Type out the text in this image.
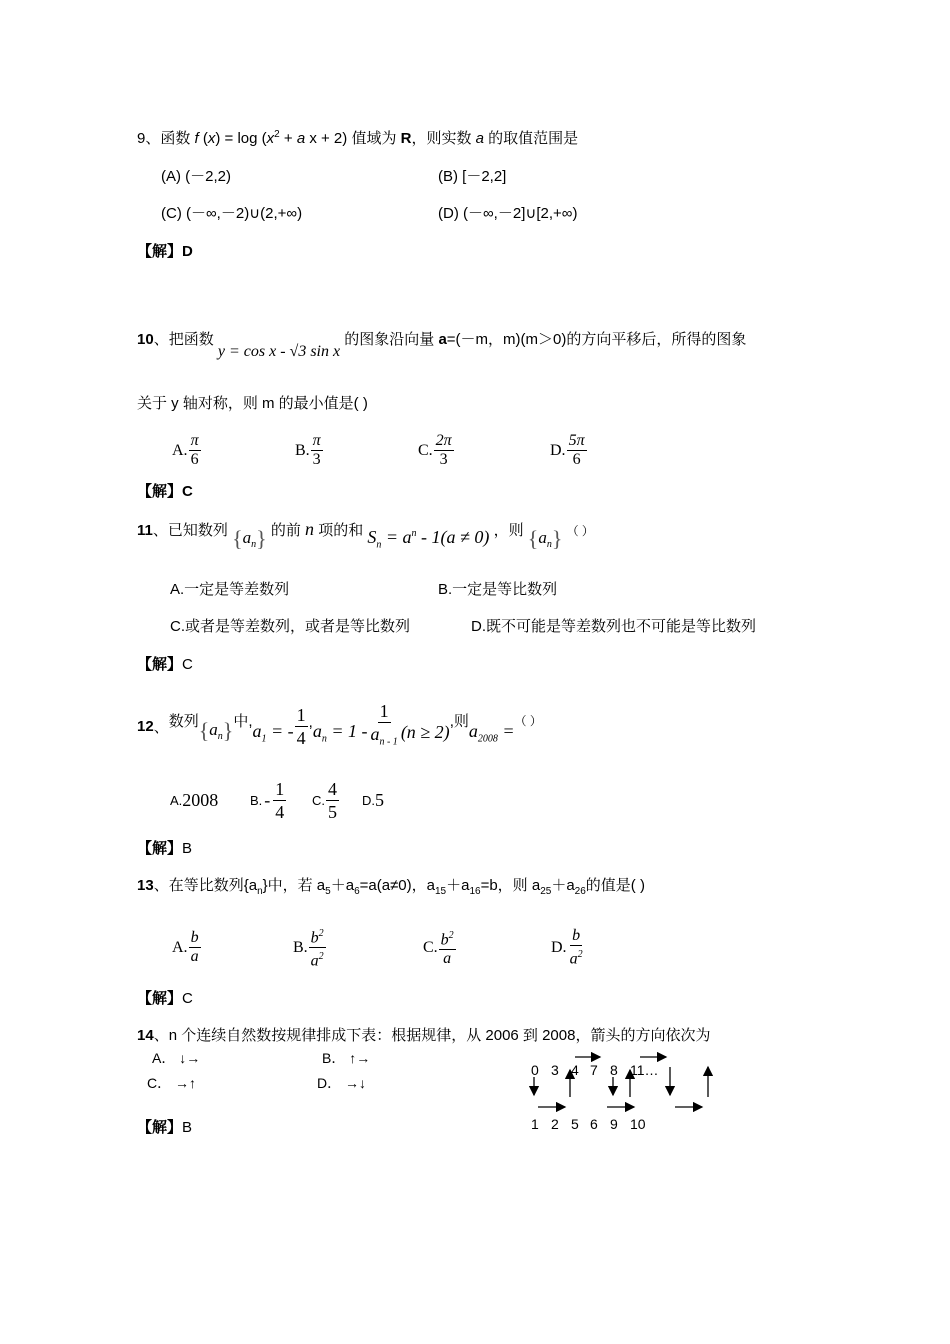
9、函数 f $(x) = \log (x^2 + a$ x + 2) 值域为 R，则实数 a 的取值范围是
(A) (－2,2)	(B) [－2,2]
(C) (－∞,－2)∪(2,+∞)	(D) (－∞,－2]∪[2,+∞)
【解】D
10、把函数 y = cos x - √3 sin x 的图象沿向量 a=(－m，m)(m＞0)的方向平移后，所得的图象
关于 y 轴对称，则 m 的最小值是( )
A. $\frac{\pi}{6}$	B. $\frac{\pi}{3}$	C. $\frac{2\pi}{3}$	D. $\frac{5\pi}{6}$
【解】C
11、已知数列 $\{a_n\}$ 的前 n 项的和 $S_n = a^n - 1(a \ne 0)$ ，则 $\{a_n\}$ （ ）
A.一定是等差数列	B.一定是等比数列
C.或者是等差数列，或者是等比数列	D.既不可能是等差数列也不可能是等比数列
【解】C
12 、 数列 $\{a_n\}$ 中, $a_1$ = - $\frac{1}{4}$ , $a_n = 1 - \frac{1}{a_{n - 1}} (n \ge 2)$
,则 $a_{2008}$ = （ ）
A. 2008 B. - $\frac{1}{4} C$. $\frac{4}{5} D$. 5
【解】B
13、在等比数列$\{a_n\}$中，若 $a_5+a_6=a(a\ne 0)$，$a_{15}+a_{16}=b$，则 $a_{25}+a_{26}$的值是( )
A. $\frac{b}{a}$	B. $\frac{b^2}{a^2}$	C. $\frac{b^2}{a}$	D. $\frac{b}{a^2}$
【解】C
14、n 个连续自然数按规律排成下表：根据规律，从 2006 到 2008，箭头的方向依次为
A． ↓→	B． ↑→
C． →↑	D． →↓
0 3 4 7 8 11…
1 2 5 6 9 10
【解】B
